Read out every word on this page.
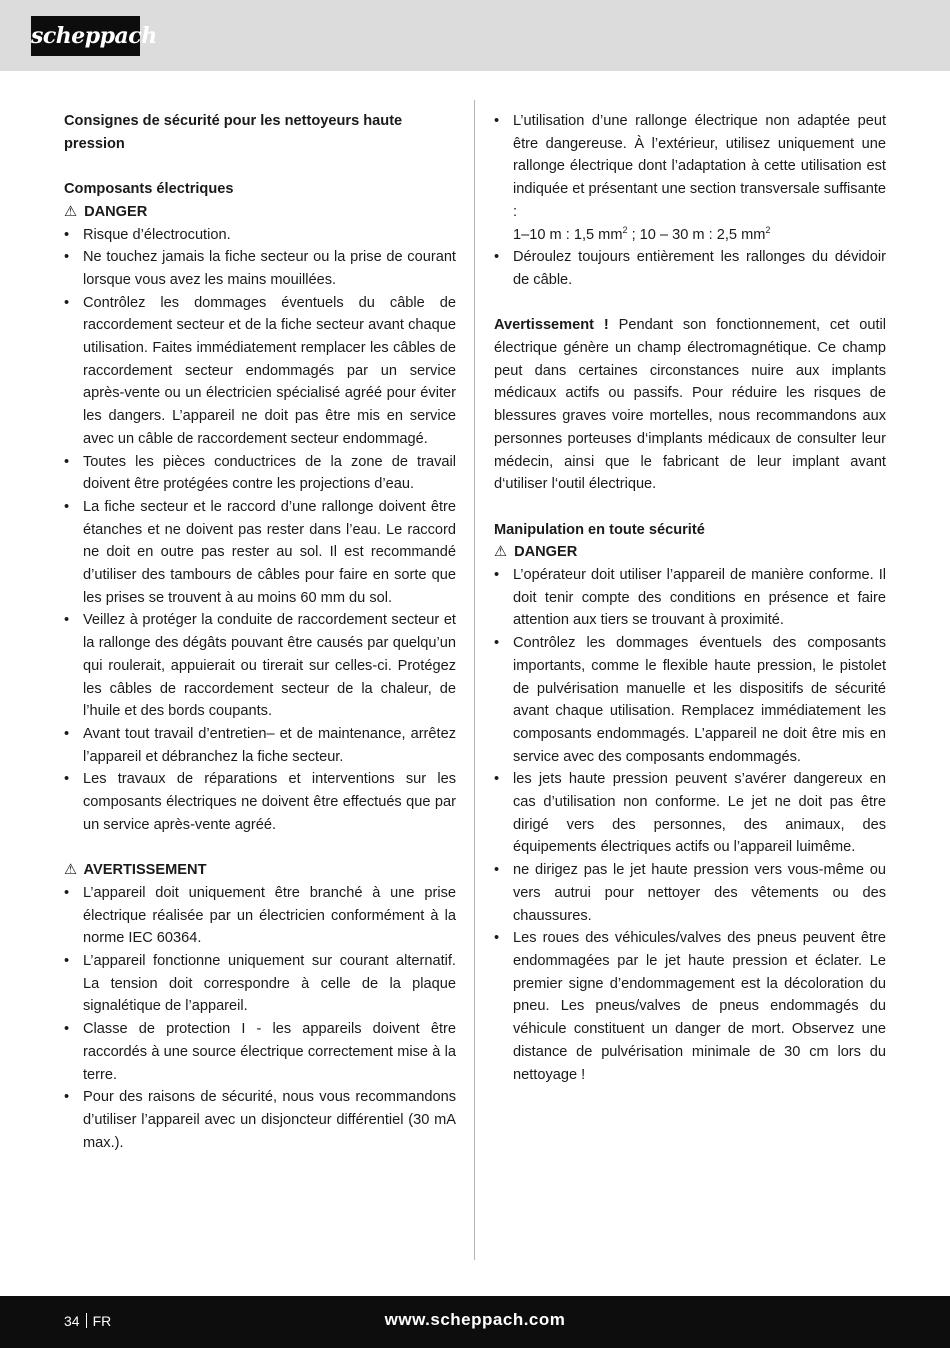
scheppach
Consignes de sécurité pour les nettoyeurs haute pression
Composants électriques
⚠ DANGER
• Risque d’électrocution.
• Ne touchez jamais la fiche secteur ou la prise de courant lorsque vous avez les mains mouillées.
• Contrôlez les dommages éventuels du câble de raccordement secteur et de la fiche secteur avant chaque utilisation. Faites immédiatement remplacer les câbles de raccordement secteur endommagés par un service après-vente ou un électricien spécialisé agréé pour éviter les dangers. L’appareil ne doit pas être mis en service avec un câble de raccordement secteur endommagé.
• Toutes les pièces conductrices de la zone de travail doivent être protégées contre les projections d’eau.
• La fiche secteur et le raccord d’une rallonge doivent être étanches et ne doivent pas rester dans l’eau. Le raccord ne doit en outre pas rester au sol. Il est recommandé d’utiliser des tambours de câbles pour faire en sorte que les prises se trouvent à au moins 60 mm du sol.
• Veillez à protéger la conduite de raccordement secteur et la rallonge des dégâts pouvant être causés par quelqu’un qui roulerait, appuierait ou tirerait sur celles-ci. Protégez les câbles de raccordement secteur de la chaleur, de l’huile et des bords coupants.
• Avant tout travail d’entretien– et de maintenance, arrêtez l’appareil et débranchez la fiche secteur.
• Les travaux de réparations et interventions sur les composants électriques ne doivent être effectués que par un service après-vente agréé.
⚠ AVERTISSEMENT
• L’appareil doit uniquement être branché à une prise électrique réalisée par un électricien conformément à la norme IEC 60364.
• L’appareil fonctionne uniquement sur courant alternatif. La tension doit correspondre à celle de la plaque signalétique de l’appareil.
• Classe de protection I - les appareils doivent être raccordés à une source électrique correctement mise à la terre.
• Pour des raisons de sécurité, nous vous recommandons d’utiliser l’appareil avec un disjoncteur différentiel (30 mA max.).
• L’utilisation d’une rallonge électrique non adaptée peut être dangereuse. À l’extérieur, utilisez uniquement une rallonge électrique dont l’adaptation à cette utilisation est indiquée et présentant une section transversale suffisante :
1–10 m : 1,5 $mm^2$ ; 10 – 30 m : 2,5 $mm^2$
• Déroulez toujours entièrement les rallonges du dévidoir de câble.
Avertissement ! Pendant son fonctionnement, cet outil électrique génère un champ électromagnétique. Ce champ peut dans certaines circonstances nuire aux implants médicaux actifs ou passifs. Pour réduire les risques de blessures graves voire mortelles, nous recommandons aux personnes porteuses d‘implants médicaux de consulter leur médecin, ainsi que le fabricant de leur implant avant d‘utiliser l‘outil électrique.
Manipulation en toute sécurité
⚠ DANGER
• L’opérateur doit utiliser l’appareil de manière conforme. Il doit tenir compte des conditions en présence et faire attention aux tiers se trouvant à proximité.
• Contrôlez les dommages éventuels des composants importants, comme le flexible haute pression, le pistolet de pulvérisation manuelle et les dispositifs de sécurité avant chaque utilisation. Remplacez immédiatement les composants endommagés. L’appareil ne doit être mis en service avec des composants endommagés.
• les jets haute pression peuvent s’avérer dangereux en cas d’utilisation non conforme. Le jet ne doit pas être dirigé vers des personnes, des animaux, des équipements électriques actifs ou l’appareil luimême.
• ne dirigez pas le jet haute pression vers vous-même ou vers autrui pour nettoyer des vêtements ou des chaussures.
• Les roues des véhicules/valves des pneus peuvent être endommagées par le jet haute pression et éclater. Le premier signe d’endommagement est la décoloration du pneu. Les pneus/valves de pneus endommagés du véhicule constituent un danger de mort. Observez une distance de pulvérisation minimale de 30 cm lors du nettoyage !
34 FR	www.scheppach.com
